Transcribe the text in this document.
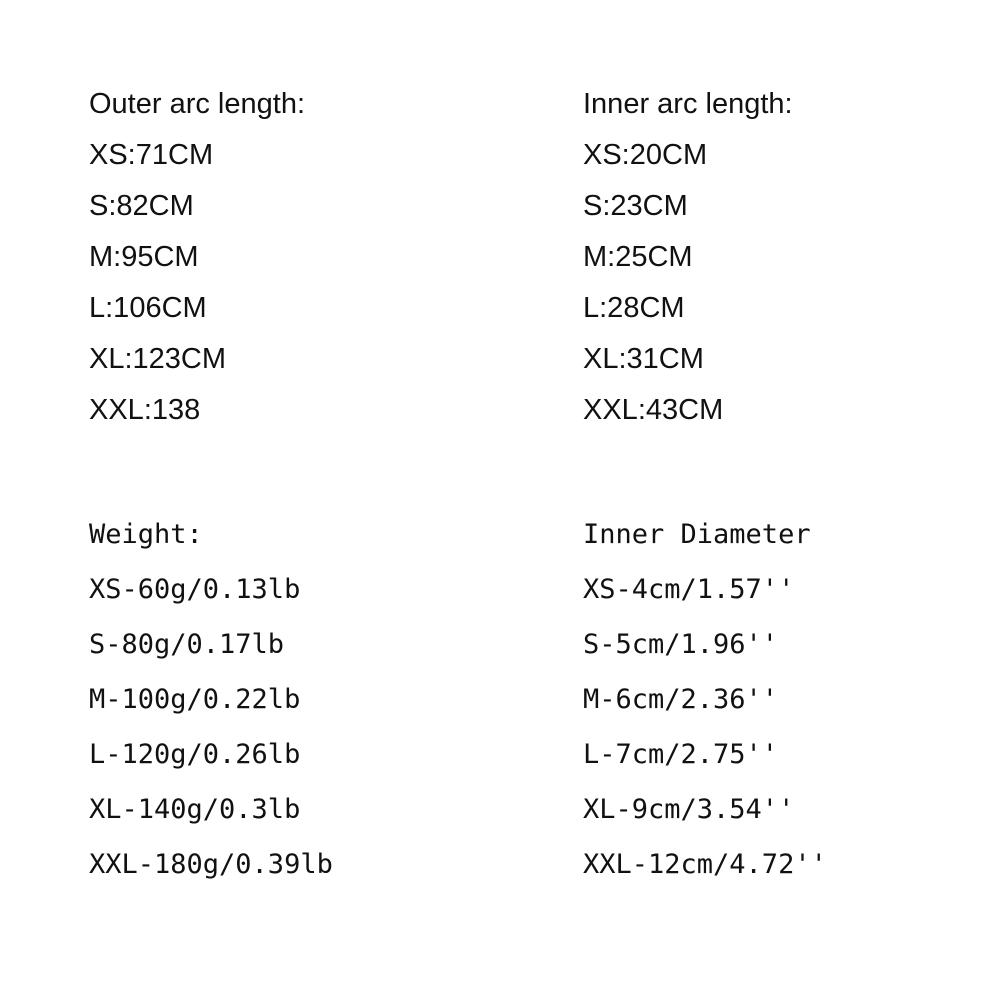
Outer arc length:
XS:71CM
S:82CM
M:95CM
L:106CM
XL:123CM
XXL:138
Inner arc length:
XS:20CM
S:23CM
M:25CM
L:28CM
XL:31CM
XXL:43CM
Weight:
XS-60g/0.13lb
S-80g/0.17lb
M-100g/0.22lb
L-120g/0.26lb
XL-140g/0.3lb
XXL-180g/0.39lb
Inner Diameter
XS-4cm/1.57''
S-5cm/1.96''
M-6cm/2.36''
L-7cm/2.75''
XL-9cm/3.54''
XXL-12cm/4.72''
